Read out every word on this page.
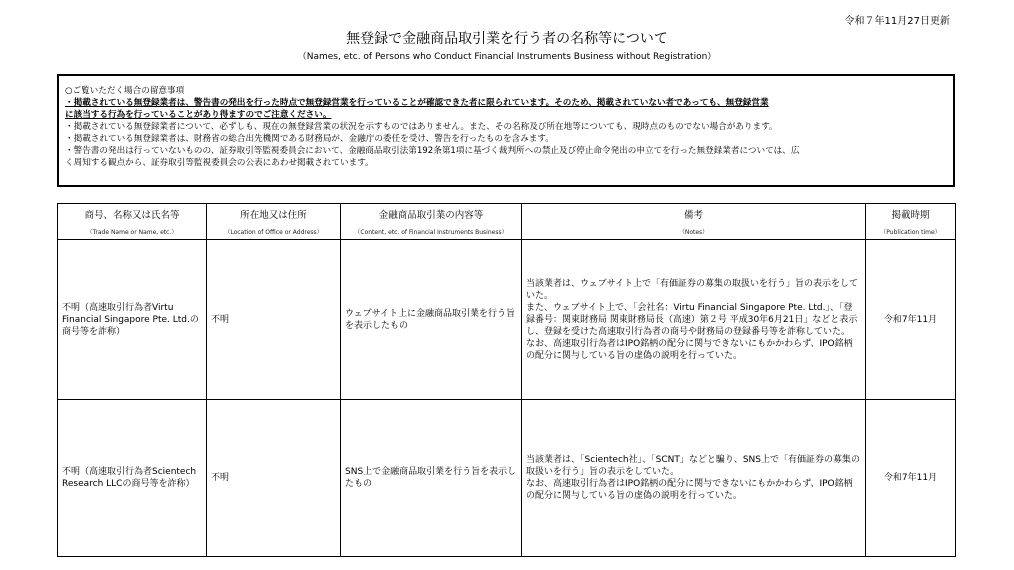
令和７年11月27日更新
無登録で金融商品取引業を行う者の名称等について
（Names, etc. of Persons who Conduct Financial Instruments Business without Registration）
○ご覧いただく場合の留意事項
・掲載されている無登録業者は、警告書の発出を行った時点で無登録営業を行っていることが確認できた者に限られています。そのため、掲載されていない者であっても、無登録営業
に該当する行為を行っていることがあり得ますのでご注意ください。
・掲載されている無登録業者について、必ずしも、現在の無登録営業の状況を示すものではありません。また、その名称及び所在地等についても、現時点のものでない場合があります。
・掲載されている無登録業者は、財務省の総合出先機関である財務局が、金融庁の委任を受け、警告を行ったものを含みます。
・警告書の発出は行っていないものの、証券取引等監視委員会において、金融商品取引法第192条第1項に基づく裁判所への禁止及び停止命令発出の申立てを行った無登録業者については、広
く周知する観点から、証券取引等監視委員会の公表にあわせ掲載されています。
商号、名称又は氏名等
（Trade Name or Name, etc.）	所在地又は住所
（Location of Office or Address）	金融商品取引業の内容等
（Content, etc. of Financial Instruments Business）	備考
（Notes）	掲載時期
（Publication time）

不明（高速取引行為者Virtu Financial Singapore Pte. Ltd.の商号等を詐称）	不明	ウェブサイト上に金融商品取引業を行う旨を表示したもの	当該業者は、ウェブサイト上で「有価証券の募集の取扱いを行う」旨の表示をしていた。
また、ウェブサイト上で、「会社名：Virtu Financial Singapore Pte. Ltd.」、「登録番号：関東財務局 関東財務局長（高速）第２号 平成30年6月21日」などと表示し、登録を受けた高速取引行為者の商号や財務局の登録番号等を詐称していた。
なお、高速取引行為者はIPO銘柄の配分に関与できないにもかかわらず、IPO銘柄の配分に関与している旨の虚偽の説明を行っていた。	令和7年11月
不明（高速取引行為者Scientech Research LLCの商号等を詐称）	不明	SNS上で金融商品取引業を行う旨を表示したもの	当該業者は、「Scientech社」、「SCNT」などと騙り、SNS上で「有価証券の募集の取扱いを行う」旨の表示をしていた。
なお、高速取引行為者はIPO銘柄の配分に関与できないにもかかわらず、IPO銘柄の配分に関与している旨の虚偽の説明を行っていた。	令和7年11月
